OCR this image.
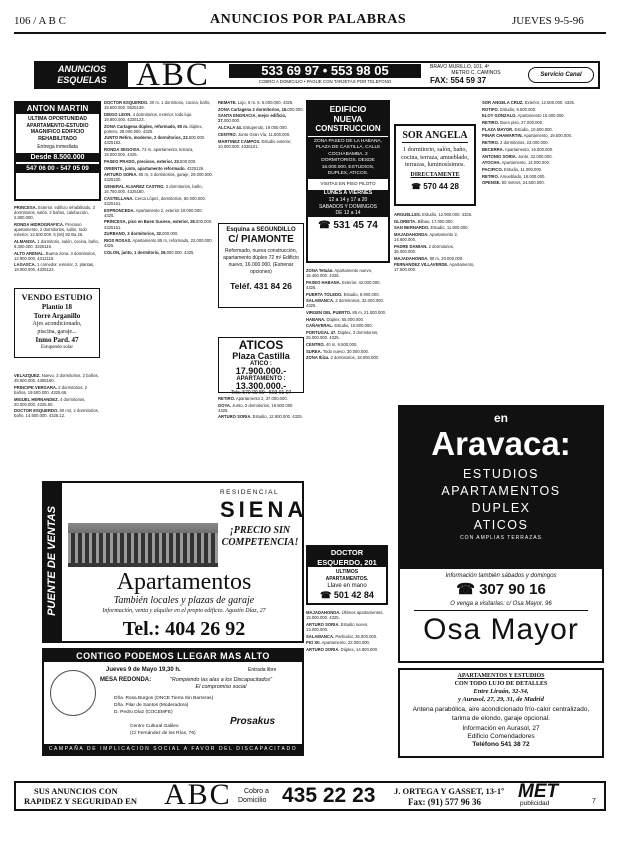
106 / A B C	ANUNCIOS POR PALABRAS	JUEVES 9-5-96
ANUNCIOS
ESQUELAS ABC	533 69 97 • 553 98 05
COBRO A DOMICILIO • PAGUE CON TARJETAS POR TELEFONO
BRAVO MURILLO, 101. 4ª
METRO C. CAMINOS
FAX: 554 59 37
Servicio Canal
ANTON MARTIN
ULTIMA OPORTUNIDAD
APARTAMENTO-ESTUDIO
MAGNIFICO EDIFICIO
REHABILITADO
Entrega inmediata
Desde 8.500.000
547 06 00 - 547 05 09
PRINCESA. Exterior, edificio rehabilitado, 3 dormitorios, salón, 2 baños, calefacción, 2.800.000.
RONDA HIDROGRAFICA. Precioso apartamento, 2 dormitorios, salón, todo exterior, 12.500.000. 5 (94) 82 Ba 26.
ALMANSA. 1 dormitorio, salón, cocina, baño, 6.300.000. 3325116.
ALTO ARENAL. Buena zona. 3 dormitorios, 12.900.000. 4312116.
LAGASCA. 1 comedor, exterior, 2. plantas, 18.000.000. 4325122.
VENDO ESTUDIO
Plantío 18
Torre Arganillo
Ajes acondicionado,
piscina, garaje...
Inmo Pard. 47
Estupendo solar
VELAZQUEZ. Nuevo, 3 dormitorios, 2 baños, 45.000.000. 4355160.
PRINCIPE VERGARA. 2 dormitorios, 2 baños, 19.500.000. 4325.66.
MIGUEL HERNANDEZ. 4 dormitorios, 20.000.000. 4325.50.
DOCTOR ESQUERDO. 80 m2, 2 dormitorios, baño, 14.500.000. 4325.12.
DOCTOR ESQUERDO. 30 m. 1 dormitorio, cocina, baño, 19.500.000. 5625139.
DIEGO LEON. 4 dormitorios, exterior, todo lujo. 19.800.000. 4325123.
ZONA Cartagena dúplex, reformado, 80 m. dúplex, portero, 28.000.000. 4325.
JUNTO Retiro, moderno, 2 dormitorios, 22.500.000. 4325182.
RONDA SEGOVIA. 73 m. apartamento, terraza, 19.000.000. 4325.
PASEO PRADO, precioso, exterior, 23.500.000.
ORIENTE, junto, apartamento reformado. 4325126.
ARTURO SORIA. 95 m, 3 dormitorios, garaje, 29.000.000. 4325100.
GENERAL ALVAREZ CASTRO. 3 dormitorios, baño, 16.750.000. 4325180.
CASTELLANA. Cerca López, dormitorios, 60.000.000. 4325161.
ESPRONCEDA. Apartamento 2, exterior 19.000.000. 4325.
PRINCESA, piso en Buen Suceso, exterior, 28.000.000. 4325151.
ZURBANO, 3 dormitorios, 32.000.000.
RIOS ROSAS. Apartamento 85 m, reformado, 22.000.000. 4325.
COLON, junto, 1 dormitorio, 26.000.000. 4325.
REMATE. Lujo, 8 m. 5. 6.000.000. 4325.
ZONA Cartagena 2 dormitorios, 16.000.000.
SANTA ENGRACIA, mejor edificio, 27.000.000.
ALCALA 44. Estupendo, 19.000.000.
CENTRO. Junto Gran Vía, 11.500.000.
MARTINEZ CAMPOS. Estudio exterior, 10.000.000. 4325101.
Esquina a SEGUNDILLO
C/ PIAMONTE
Reformado, nueva construcción, apartamento dúplex 72 m² Edificio nuevo, 16.000.000. (Estrenar opciones)
Teléf. 431 84 26
ATICOS
Plaza Castilla
ATICO :
17.900.000.-
APARTAMENTO :
13.300.000.-
Tels. 570 09 89 · 593 01 07
RETIRO. Apartamento 2, 37.000.000.
GOYA. Junto, 2 dormitorios, 19.500.000. 4325.
ARTURO SORIA. Estudio, 12.900.000. 4325.
EDIFICIO
NUEVA
CONSTRUCCION
ZONA PASEO DE LA HABANA, PLAZA DE CASTILLA, CALLE COCHABAMBA. 2 DORMITORIOS. DESDE 16.000.000. ESTUDIOS, DUPLEX, ATICOS.
VISITAS EN PISO PILOTO
LUNES A VIERNES
12 a 14 y 17 a 20
SABADOS Y DOMINGOS
DE 12 a 14
☎ 531 45 74
ZONA Tetuán. Apartamento nuevo, 15.400.000. 4325.
PASEO HABANA. Exterior, 42.000.000. 4325.
PUERTA TOLEDO. Estudio, 8.900.000.
SALAMANCA. 2 dormitorios, 32.000.000. 4325.
VIRGEN DEL PUERTO. 85 m, 21.000.000.
HABANA. Dúplex, 55.000.000.
CAÑAVERAL. Estudio, 10.800.000.
PORTUGAL 47. Dúplex, 3 dormitorios, 25.000.000. 4325.
CENTRO. 40 m, 9.500.000.
SUREA. Todo nuevo, 30.000.000.
ZONA Ibiza. 2 dormitorios, 18.000.000.
SOR ANGELA
1 dormitorio, salón, baño, cocina, terraza, amueblado, terrazas, luminosísimos.
DIRECTAMENTE
☎ 570 44 28
ARGUELLES. Estudio, 12.900.000. 4325.
GLORIETA. Bilbao, 17.000.000.
SAN BERNARDO. Estudio, 11.900.000.
MAJADAHONDA. Apartamento 2, 14.600.000.
PADRE DAMIAN. 2 dormitorios, 36.000.000.
MAJADAHONDA. 90 m, 20.000.000.
FERNANDEZ VILLAVERDE. Apartamento, 17.500.000.
SOR ANGELA CRUZ. Exterior, 12.500.000. 4325.
ROTIFO. Estudio, 9.500.000.
ELOY GONZALO. Apartamento 15.000.000.
RETIRO. Buen piso, 27.000.000.
PLAZA MAYOR. Estudio, 10.500.000.
PINAR CHAMARTIN. Apartamento, 19.500.000.
RETIRO. 2 dormitorios, 23.000.000.
BECERRA. Apartamento, 16.000.000.
ANTONIO SORIA. Junto, 22.000.000.
ATOCHA. Apartamento, 14.000.000.
PACIFICO. Estudio, 11.000.000.
RETIRO. Amueblado, 18.000.000.
OPENSE. 90 metros, 24.500.000.
PUENTE DE VENTAS
RESIDENCIAL
SIENA
¡PRECIO SIN COMPETENCIA!
Apartamentos
También locales y plazas de garaje
Información, venta y alquiler en el propio edificio. Agustín Díaz, 27
Tel.: 404 26 92
DOCTOR
ESQUERDO, 201
ULTIMOS
APARTAMENTOS.
Llave en mano
☎ 501 42 84
MAJADAHONDA. Últimos apartamentos, 15.000.000. 4325.
ARTURO SORIA. Estudio nuevo, 13.000.000.
SALAMANCA. Particular, 26.000.000.
PIO XII. Apartamento, 22.000.000.
ARTURO SORIA. Dúplex, 14.800.000.
en
Aravaca:
ESTUDIOS
APARTAMENTOS
DUPLEX
ATICOS
CON AMPLIAS TERRAZAS
Información también sábados y domingos
☎ 307 90 16
O venga a visitarlas: c/ Osa Mayor, 96
Osa Mayor
CONTIGO PODEMOS LLEGAR MAS ALTO
Jueves 9 de Mayo 19,30 h.	Entrada libre
MESA REDONDA:	"Rompiendo las alas a los Discapacitados"
El compromiso social
Dña. Rosa Burgos (ONCE Tierra Sin Barreras)
Dña. Pilar de Santos (Moderadora)
D. Pedro Díaz (COCEMFE)
Centro Cultural Galileo
(C/ Fernández de los Ríos, 76)
Prosakus
CAMPAÑA DE IMPLICACION SOCIAL A FAVOR DEL DISCAPACITADO
APARTAMENTOS Y ESTUDIOS
CON TODO LUJO DE DETALLES
Entre Liraán, 32-34,
y Aurasol, 27, 29, 31, de Madrid
Antena parabólica, aire acondicionado frío-calor centralizado, tarima de elondo, garaje opcional.
Información en Aurasol, 27
Edificio Comendadores
Teléfono 541 38 72
SUS ANUNCIOS CON
RAPIDEZ Y SEGURIDAD EN ABC Cobro a
Domicilio 435 22 23 J. ORTEGA Y GASSET, 13-1º
Fax: (91) 577 96 36 MET
publicidad	7
